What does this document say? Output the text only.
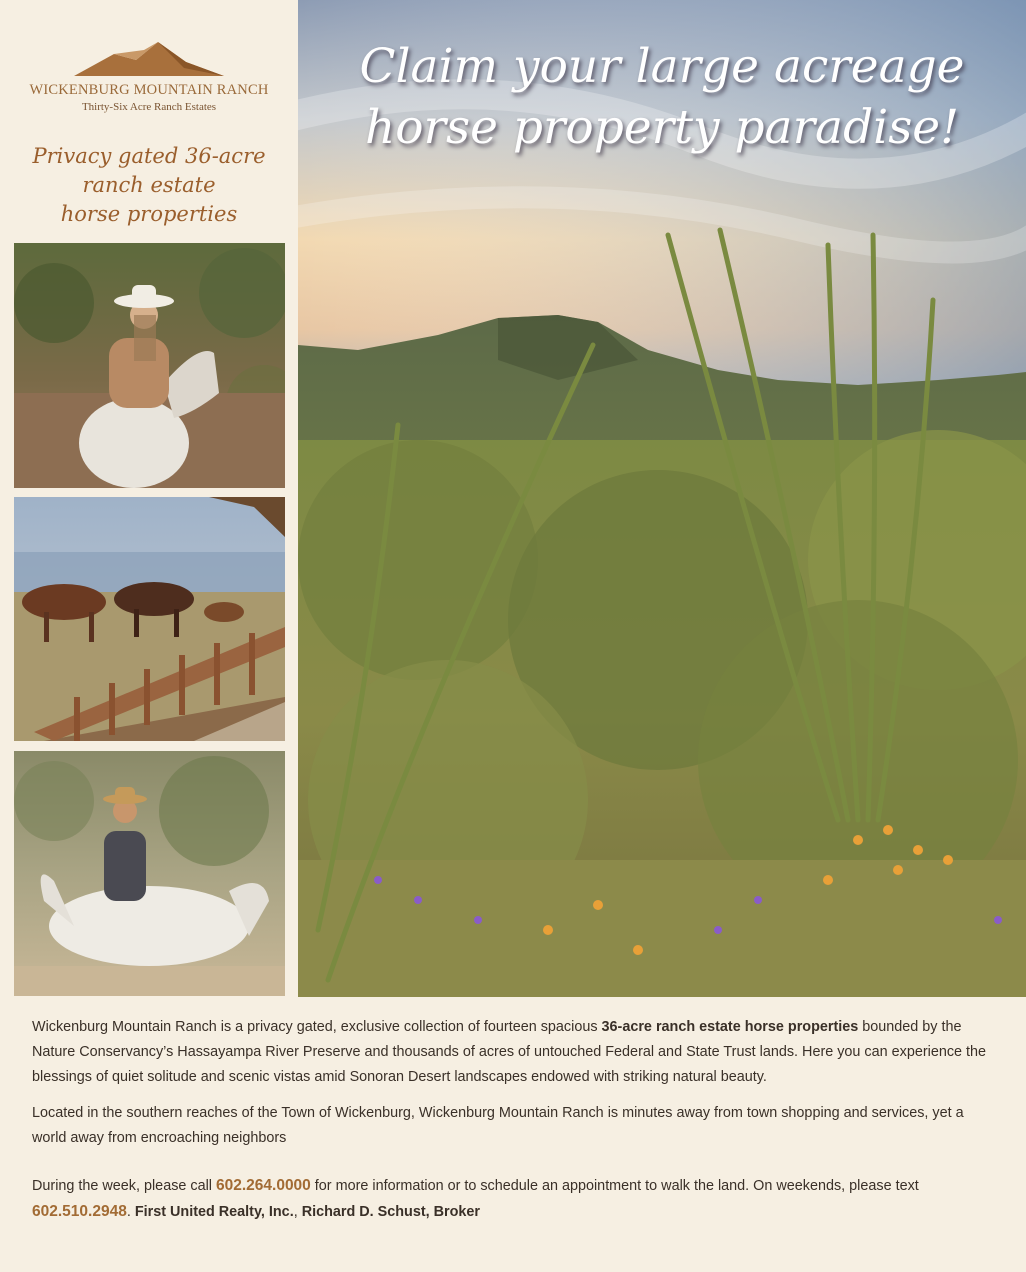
WICKENBURG MOUNTAIN RANCH
Thirty-Six Acre Ranch Estates
Privacy gated 36-acre
ranch estate
horse properties
Claim your large acreage
horse property paradise!

Wickenburg Mountain Ranch is a privacy gated, exclusive collection of fourteen spacious 36-acre ranch estate horse properties bounded by the Nature Conservancy’s Hassayampa River Preserve and thousands of acres of untouched Federal and State Trust lands. Here you can experience the blessings of quiet solitude and scenic vistas amid Sonoran Desert landscapes endowed with striking natural beauty.

Located in the southern reaches of the Town of Wickenburg, Wickenburg Mountain Ranch is minutes away from town shopping and services, yet a world away from encroaching neighbors

During the week, please call 602.264.0000 for more information or to schedule an appointment to walk the land. On weekends, please text 602.510.2948. First United Realty, Inc., Richard D. Schust, Broker
